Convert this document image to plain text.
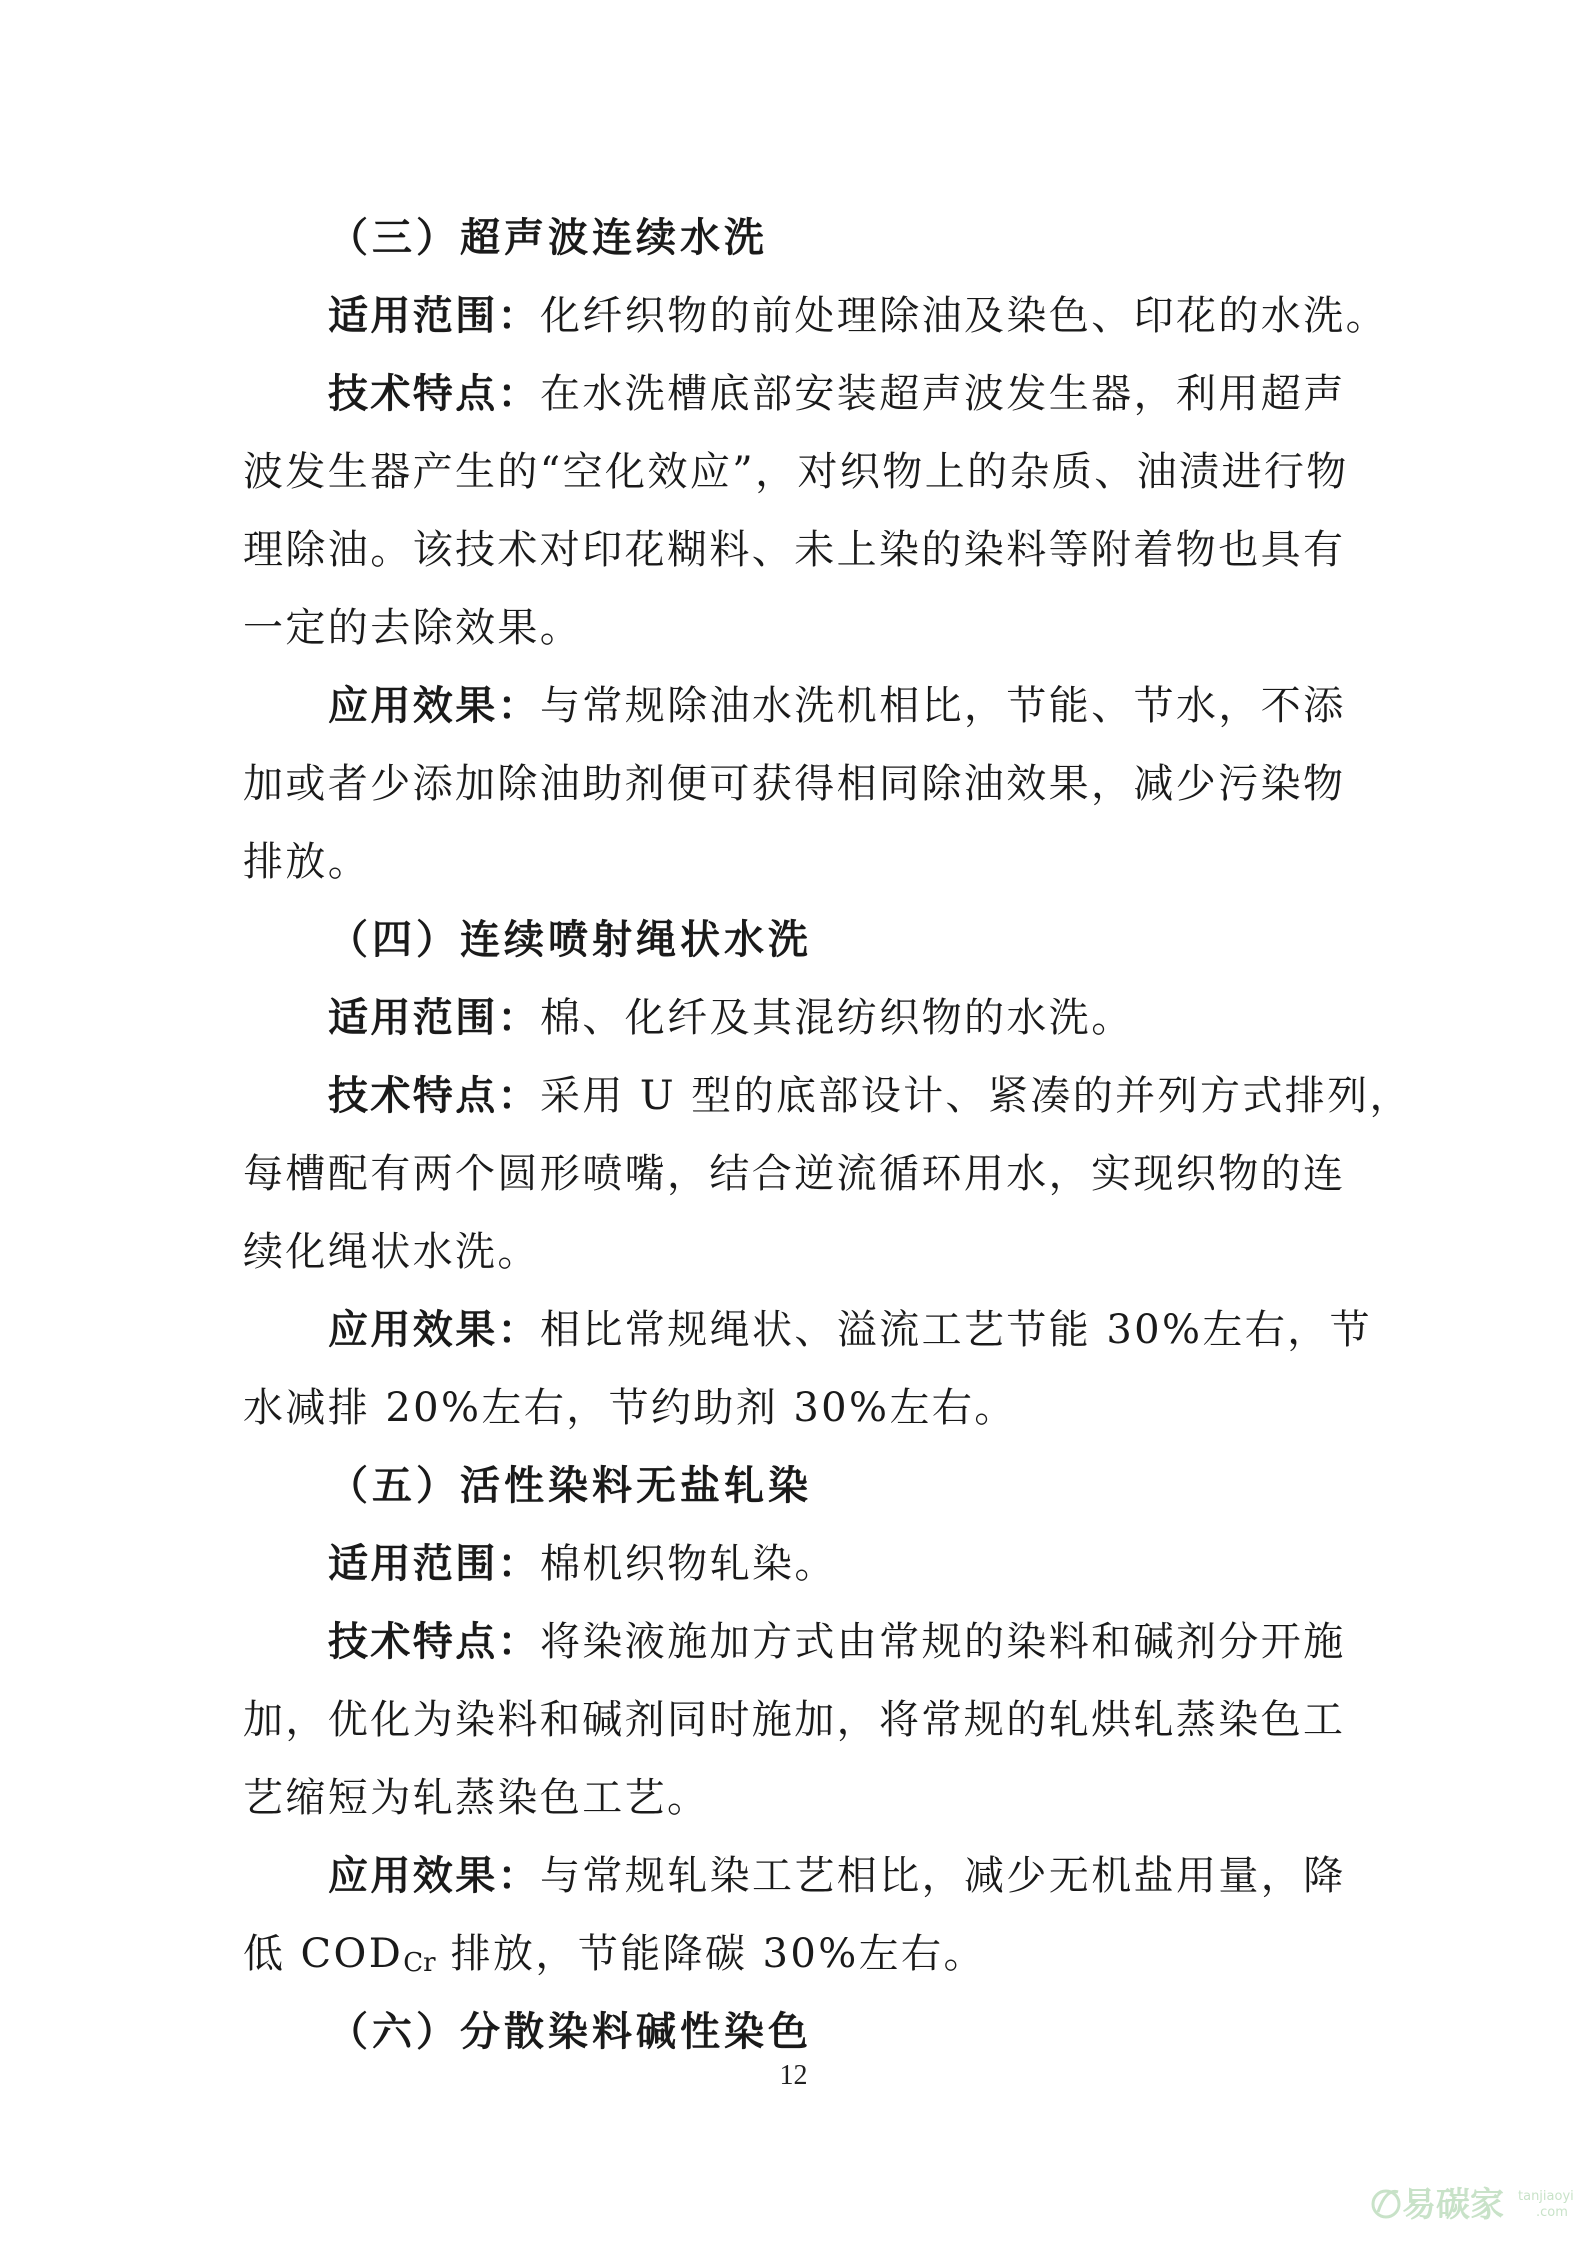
（三）超声波连续水洗
适用范围：化纤织物的前处理除油及染色、印花的水洗。
技术特点：在水洗槽底部安装超声波发生器，利用超声
波发生器产生的“空化效应”，对织物上的杂质、油渍进行物
理除油。该技术对印花糊料、未上染的染料等附着物也具有
一定的去除效果。
应用效果：与常规除油水洗机相比，节能、节水，不添
加或者少添加除油助剂便可获得相同除油效果，减少污染物
排放。
（四）连续喷射绳状水洗
适用范围：棉、化纤及其混纺织物的水洗。
技术特点：采用 U 型的底部设计、紧凑的并列方式排列，
每槽配有两个圆形喷嘴，结合逆流循环用水，实现织物的连
续化绳状水洗。
应用效果：相比常规绳状、溢流工艺节能 30%左右，节
水减排 20%左右，节约助剂 30%左右。
（五）活性染料无盐轧染
适用范围：棉机织物轧染。
技术特点：将染液施加方式由常规的染料和碱剂分开施
加，优化为染料和碱剂同时施加，将常规的轧烘轧蒸染色工
艺缩短为轧蒸染色工艺。
应用效果：与常规轧染工艺相比，减少无机盐用量，降
低 CODCr 排放，节能降碳 30%左右。
（六）分散染料碱性染色
12
易碳家 tanjiaoyi
.com
